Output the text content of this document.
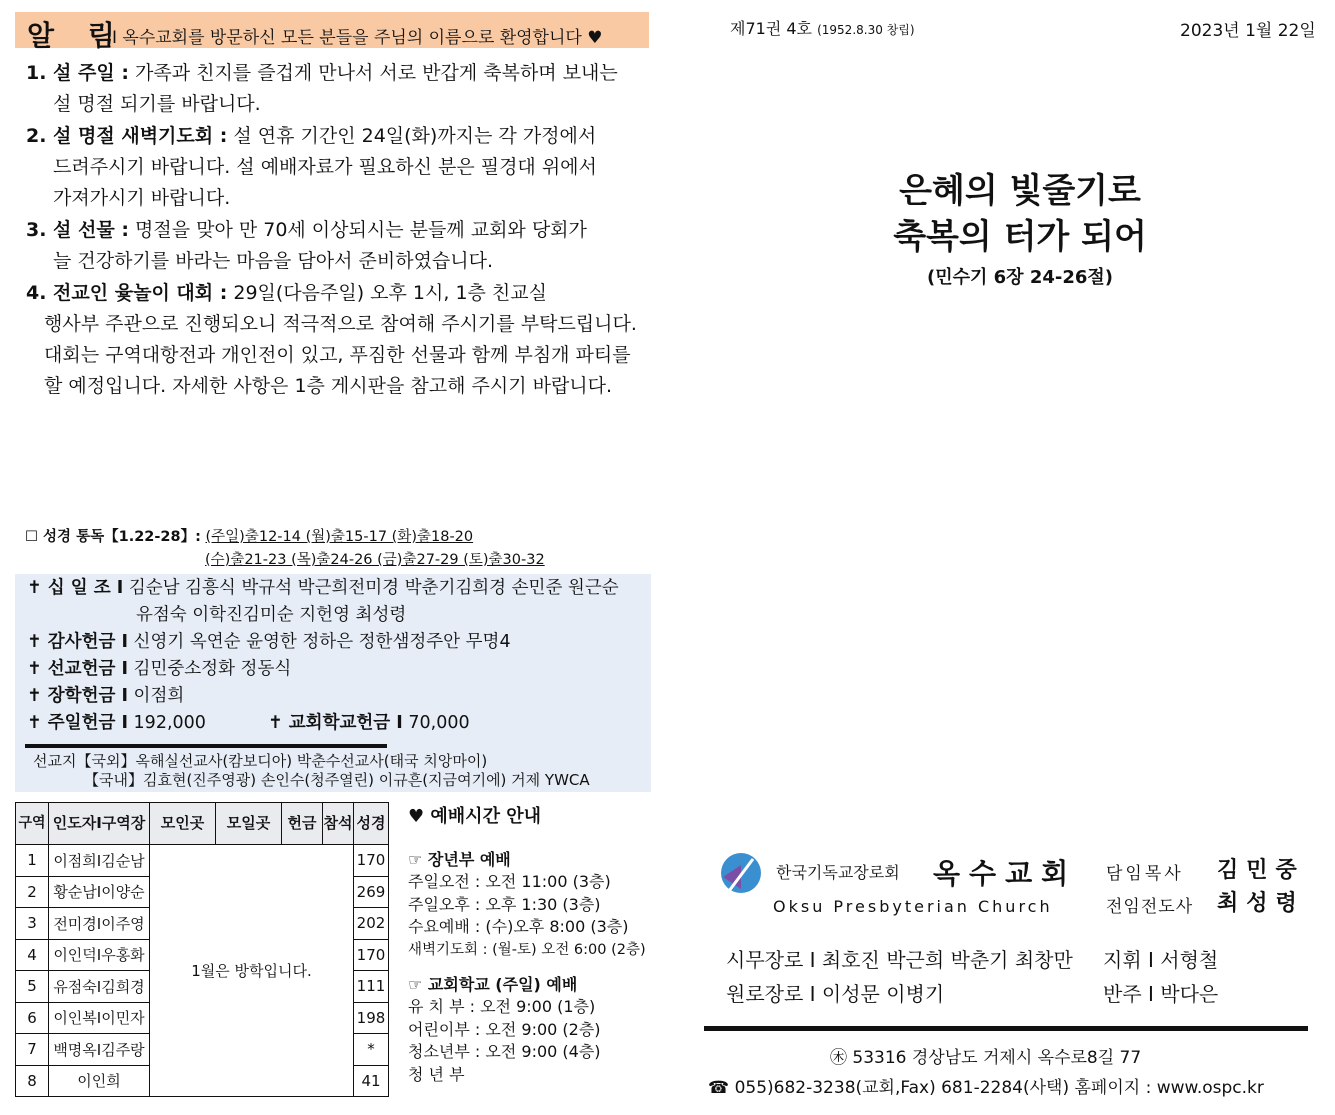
알 림
I 옥수교회를 방문하신 모든 분들을 주님의 이름으로 환영합니다 ♥
1. 설 주일 : 가족과 친지를 즐겁게 만나서 서로 반갑게 축복하며 보내는
설 명절 되기를 바랍니다.
2. 설 명절 새벽기도회 : 설 연휴 기간인 24일(화)까지는 각 가정에서
드려주시기 바랍니다. 설 예배자료가 필요하신 분은 필경대 위에서
가져가시기 바랍니다.
3. 설 선물 : 명절을 맞아 만 70세 이상되시는 분들께 교회와 당회가
늘 건강하기를 바라는 마음을 담아서 준비하였습니다.
4. 전교인 윷놀이 대회 : 29일(다음주일) 오후 1시, 1층 친교실
행사부 주관으로 진행되오니 적극적으로 참여해 주시기를 부탁드립니다.
대회는 구역대항전과 개인전이 있고, 푸짐한 선물과 함께 부침개 파티를
할 예정입니다. 자세한 사항은 1층 게시판을 참고해 주시기 바랍니다.
☐ 성경 통독【1.22-28】: (주일)출12-14 (월)출15-17 (화)출18-20
(수)출21-23 (목)출24-26 (금)출27-29 (토)출30-32
✝ 십 일 조 I 김순남 김흥식 박규석 박근희전미경 박춘기김희경 손민준 원근순
유점숙 이학진김미순 지헌영 최성령
✝ 감사헌금 I 신영기 옥연순 윤영한 정하은 정한샘정주안 무명4
✝ 선교헌금 I 김민중소정화 정동식
✝ 장학헌금 I 이점희
✝ 주일헌금 I 192,000	✝ 교회학교헌금 I 70,000
선교지【국외】옥해실선교사(캄보디아) 박춘수선교사(태국 치앙마이)
【국내】김효현(진주영광) 손인수(청주열린) 이규흔(지금여기에) 거제 YWCA
구역	인도자I구역장	모인곳	모일곳	헌금	참석	성경
1	이점희I김순남	1월은 방학입니다.				170
2	황순남I이양순					269
3	전미경I이주영					202
4	이인덕I우홍화					170
5	유점숙I김희경					111
6	이인복I이민자					198
7	백명옥I김주랑					*
8	이인희					41
♥ 예배시간 안내
☞ 장년부 예배
주일오전 : 오전 11:00 (3층)
주일오후 : 오후 1:30 (3층)
수요예배 : (수)오후 8:00 (3층)
새벽기도회 : (월-토) 오전 6:00 (2층)
☞ 교회학교 (주일) 예배
유 치 부 : 오전 9:00 (1층)
어린이부 : 오전 9:00 (2층)
청소년부 : 오전 9:00 (4층)
청 년 부
제71권 4호 (1952.8.30 창립)	2023년 1월 22일
은혜의 빛줄기로
축복의 터가 되어
(민수기 6장 24-26절)
한국기독교장로회 옥수교회
Oksu Presbyterian Church
담임목사 김민중
전임전도사 최성령
시무장로 I 최호진 박근희 박춘기 최창만
원로장로 I 이성문 이병기
지휘 I 서형철
반주 I 박다은
㊍ 53316 경상남도 거제시 옥수로8길 77
☎ 055)682-3238(교회,Fax) 681-2284(사택) 홈페이지 : www.ospc.kr
